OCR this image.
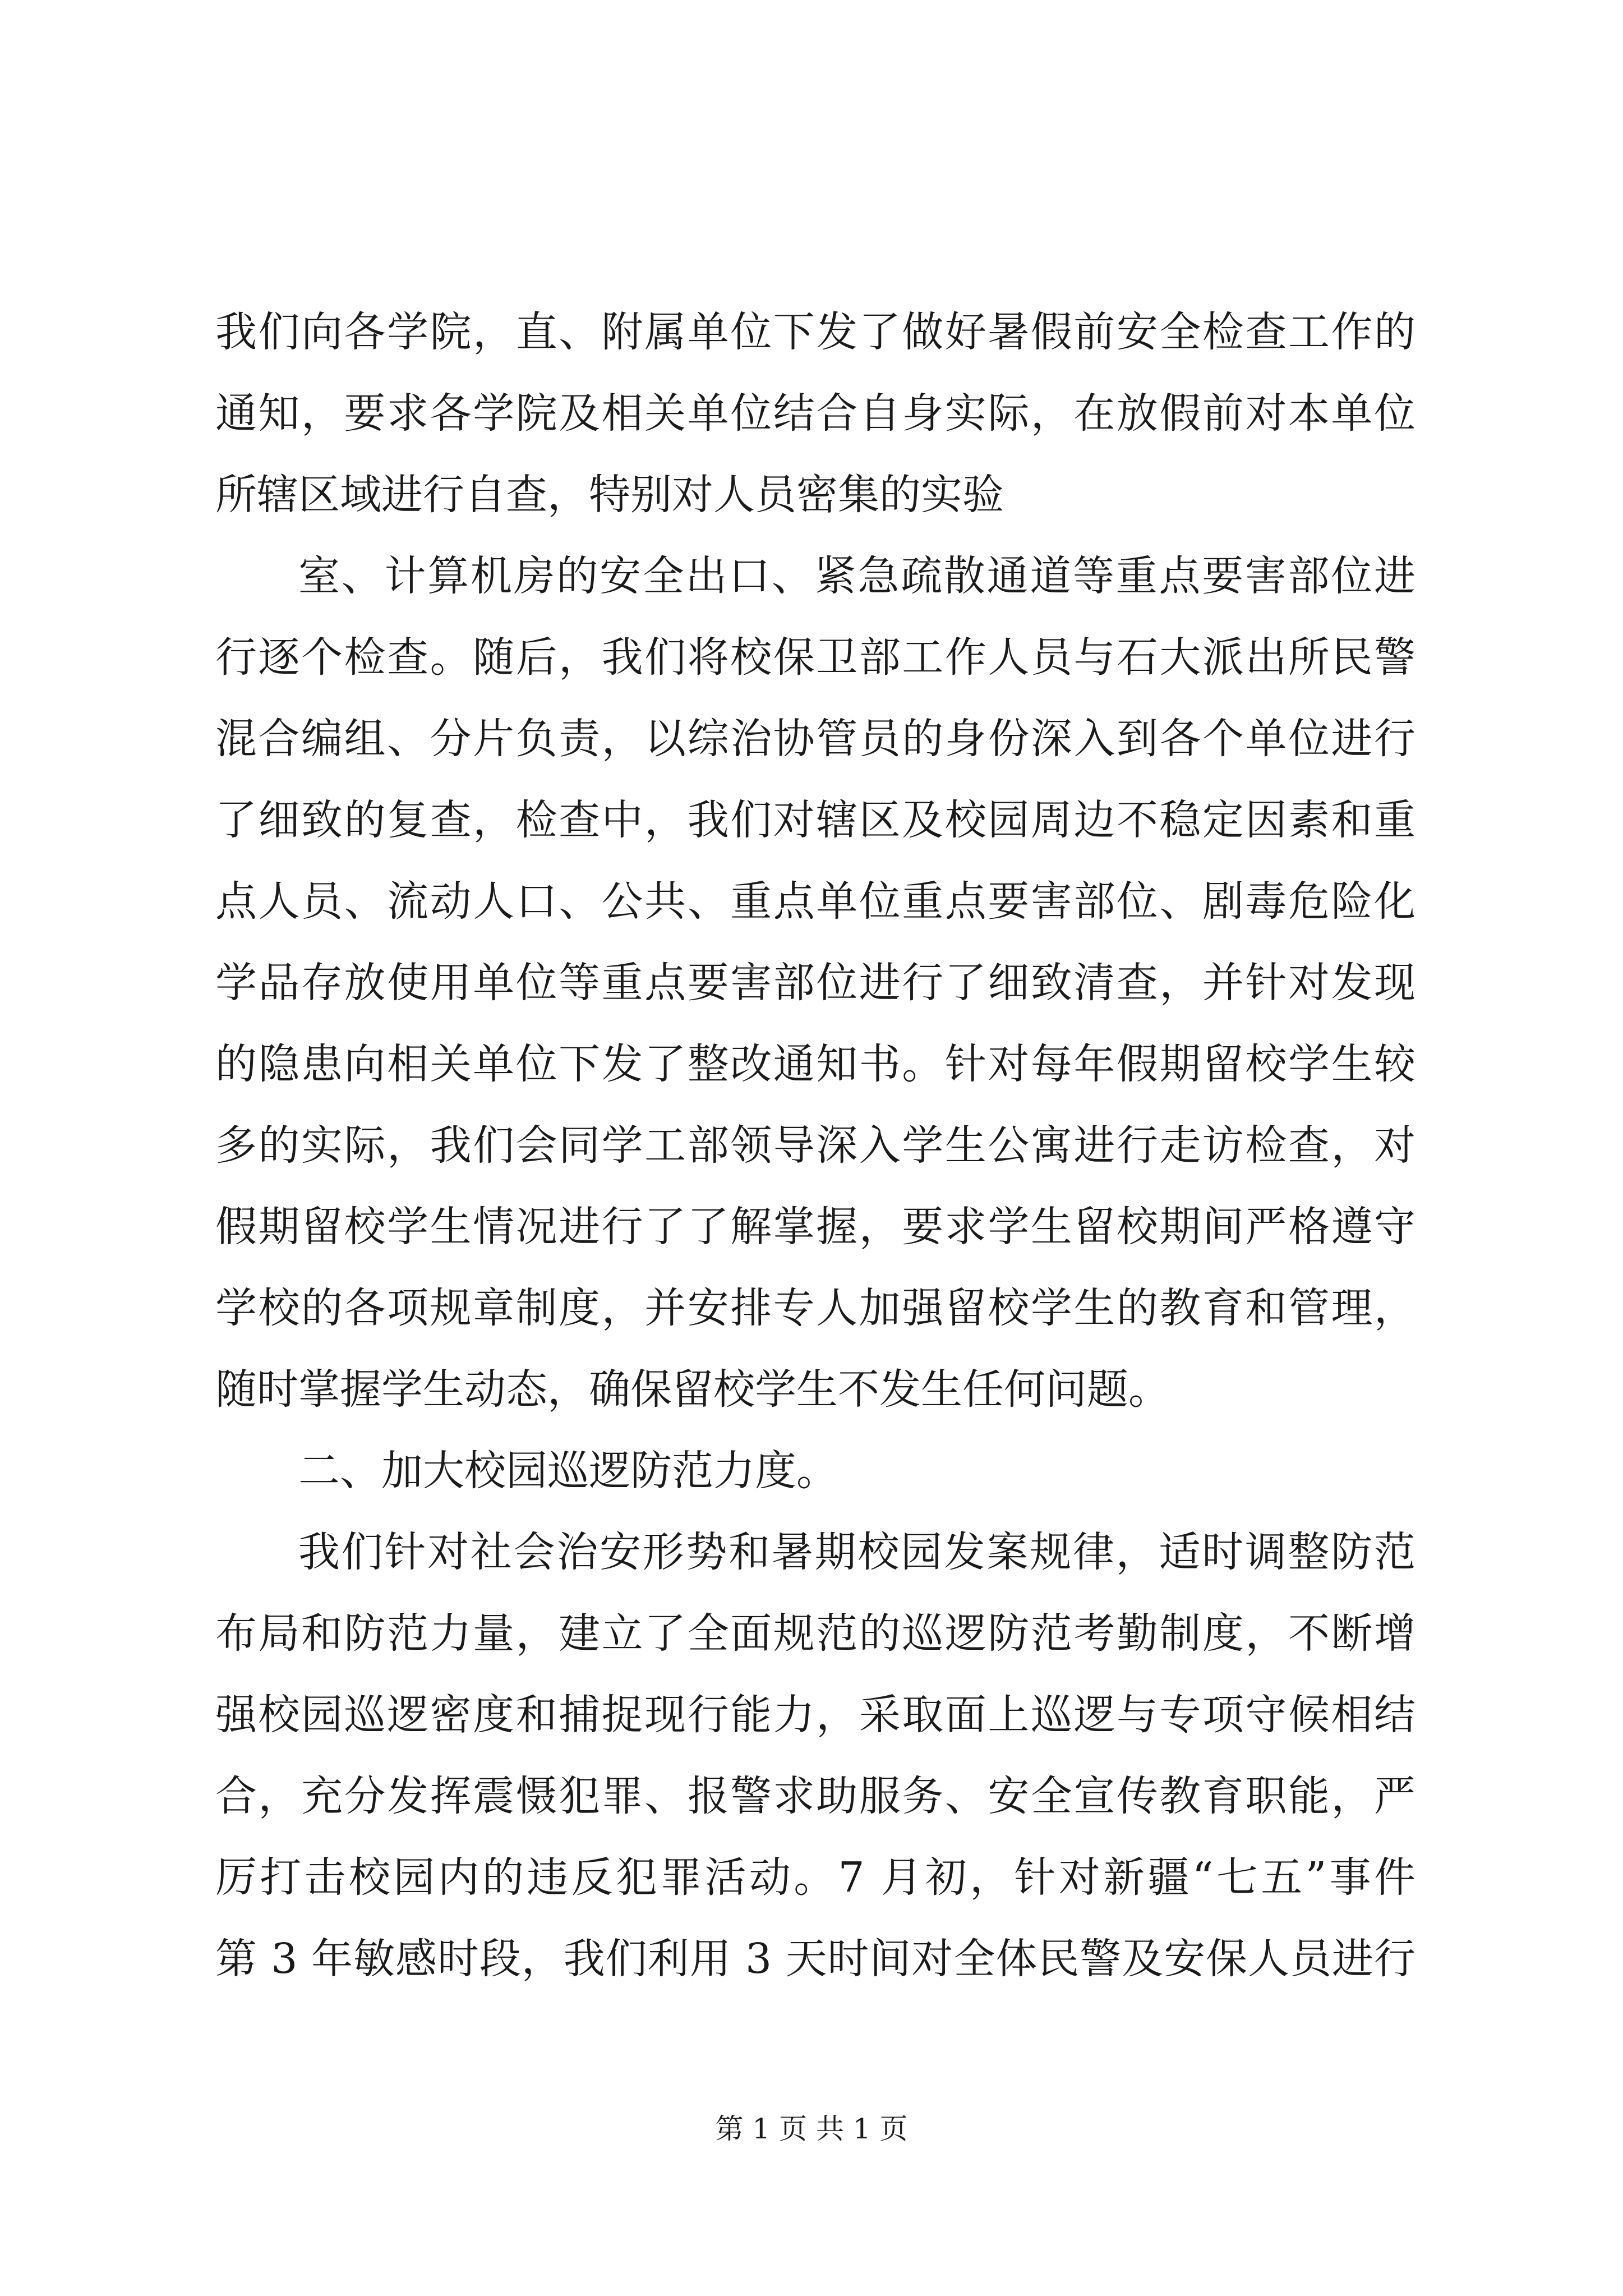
我们向各学院，直、附属单位下发了做好暑假前安全检查工作的
通知，要求各学院及相关单位结合自身实际，在放假前对本单位
所辖区域进行自查，特别对人员密集的实验
室、计算机房的安全出口、紧急疏散通道等重点要害部位进
行逐个检查。随后，我们将校保卫部工作人员与石大派出所民警
混合编组、分片负责，以综治协管员的身份深入到各个单位进行
了细致的复查，检查中，我们对辖区及校园周边不稳定因素和重
点人员、流动人口、公共、重点单位重点要害部位、剧毒危险化
学品存放使用单位等重点要害部位进行了细致清查，并针对发现
的隐患向相关单位下发了整改通知书。针对每年假期留校学生较
多的实际，我们会同学工部领导深入学生公寓进行走访检查，对
假期留校学生情况进行了了解掌握，要求学生留校期间严格遵守
学校的各项规章制度，并安排专人加强留校学生的教育和管理，
随时掌握学生动态，确保留校学生不发生任何问题。
二、加大校园巡逻防范力度。
我们针对社会治安形势和暑期校园发案规律，适时调整防范
布局和防范力量，建立了全面规范的巡逻防范考勤制度，不断增
强校园巡逻密度和捕捉现行能力，采取面上巡逻与专项守候相结
合，充分发挥震慑犯罪、报警求助服务、安全宣传教育职能，严
厉打击校园内的违反犯罪活动。7 月初，针对新疆“七五”事件
第 3 年敏感时段，我们利用 3 天时间对全体民警及安保人员进行
第 1 页 共 1 页
